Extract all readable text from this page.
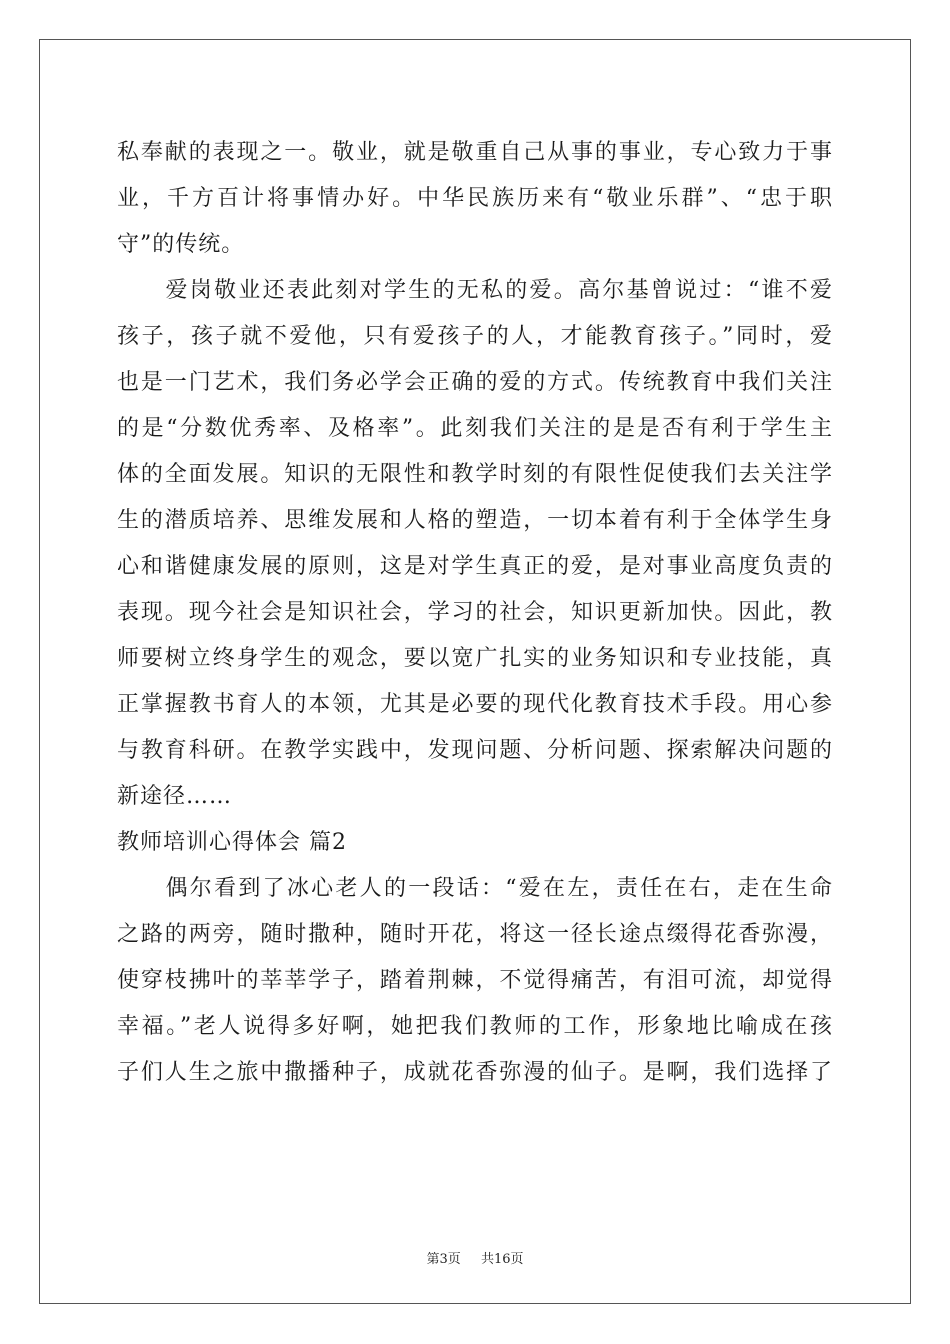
私奉献的表现之一。敬业，就是敬重自己从事的事业，专心致力于事
业，千方百计将事情办好。中华民族历来有“敬业乐群”、“忠于职
守”的传统。
　　爱岗敬业还表此刻对学生的无私的爱。高尔基曾说过：“谁不爱
孩子，孩子就不爱他，只有爱孩子的人，才能教育孩子。”同时，爱
也是一门艺术，我们务必学会正确的爱的方式。传统教育中我们关注
的是“分数优秀率、及格率”。此刻我们关注的是是否有利于学生主
体的全面发展。知识的无限性和教学时刻的有限性促使我们去关注学
生的潜质培养、思维发展和人格的塑造，一切本着有利于全体学生身
心和谐健康发展的原则，这是对学生真正的爱，是对事业高度负责的
表现。现今社会是知识社会，学习的社会，知识更新加快。因此，教
师要树立终身学生的观念，要以宽广扎实的业务知识和专业技能，真
正掌握教书育人的本领，尤其是必要的现代化教育技术手段。用心参
与教育科研。在教学实践中，发现问题、分析问题、探索解决问题的
新途径……
教师培训心得体会 篇2
　　偶尔看到了冰心老人的一段话：“爱在左，责任在右，走在生命
之路的两旁，随时撒种，随时开花，将这一径长途点缀得花香弥漫，
使穿枝拂叶的莘莘学子，踏着荆棘，不觉得痛苦，有泪可流，却觉得
幸福。”老人说得多好啊，她把我们教师的工作，形象地比喻成在孩
子们人生之旅中撒播种子，成就花香弥漫的仙子。是啊，我们选择了
第3页 共16页
